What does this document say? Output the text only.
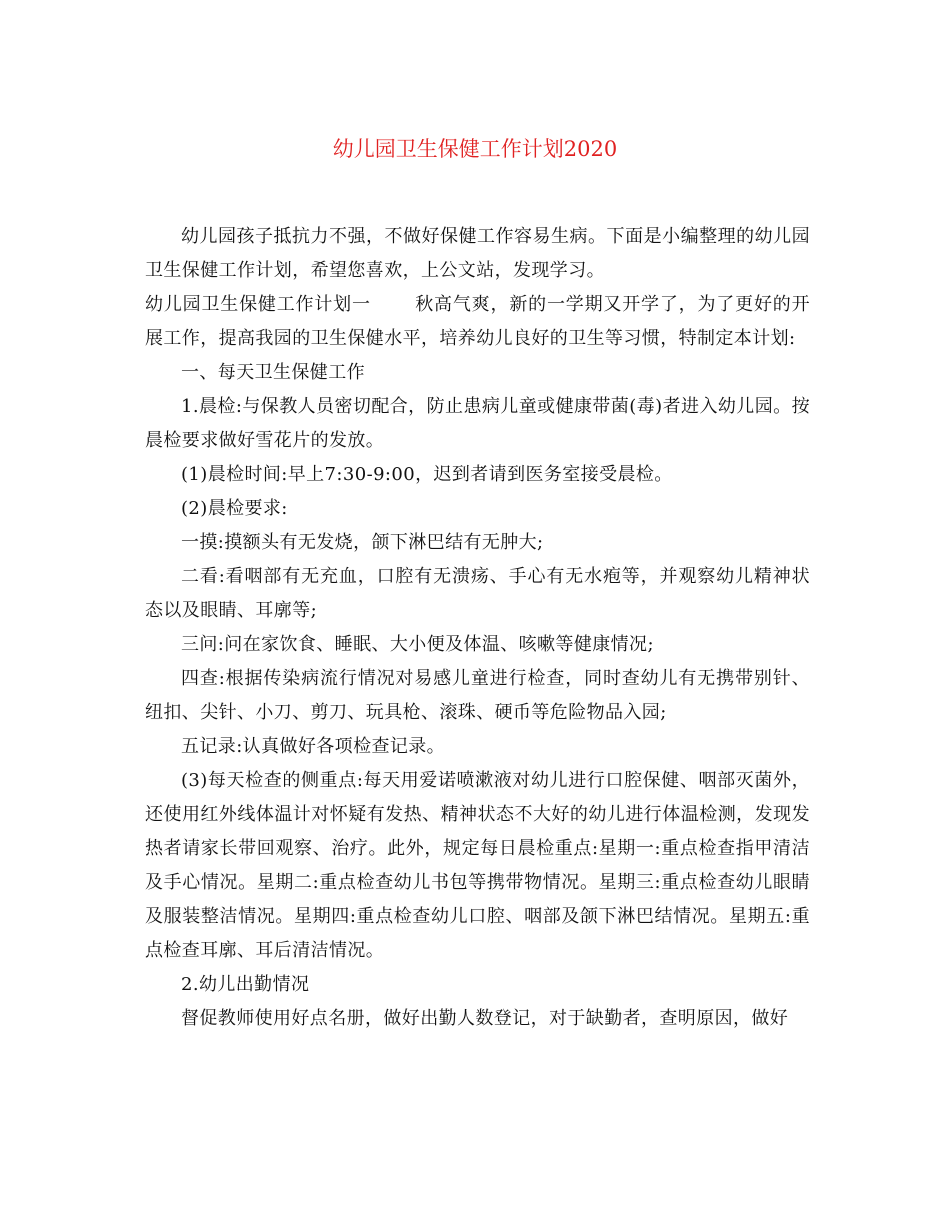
幼儿园卫生保健工作计划2020

幼儿园孩子抵抗力不强，不做好保健工作容易生病。下面是小编整理的幼儿园卫生保健工作计划，希望您喜欢，上公文站，发现学习。

幼儿园卫生保健工作计划一 秋高气爽，新的一学期又开学了，为了更好的开展工作，提高我园的卫生保健水平，培养幼儿良好的卫生等习惯，特制定本计划:

一、每天卫生保健工作

1.晨检:与保教人员密切配合，防止患病儿童或健康带菌(毒)者进入幼儿园。按晨检要求做好雪花片的发放。

(1)晨检时间:早上7:30-9:00，迟到者请到医务室接受晨检。

(2)晨检要求:

一摸:摸额头有无发烧，颌下淋巴结有无肿大;

二看:看咽部有无充血，口腔有无溃疡、手心有无水疱等，并观察幼儿精神状态以及眼睛、耳廓等;

三问:问在家饮食、睡眠、大小便及体温、咳嗽等健康情况;

四查:根据传染病流行情况对易感儿童进行检查，同时查幼儿有无携带别针、纽扣、尖针、小刀、剪刀、玩具枪、滚珠、硬币等危险物品入园;

五记录:认真做好各项检查记录。

(3)每天检查的侧重点:每天用爱诺喷漱液对幼儿进行口腔保健、咽部灭菌外，还使用红外线体温计对怀疑有发热、精神状态不大好的幼儿进行体温检测，发现发热者请家长带回观察、治疗。此外，规定每日晨检重点:星期一:重点检查指甲清洁及手心情况。星期二:重点检查幼儿书包等携带物情况。星期三:重点检查幼儿眼睛及服装整洁情况。星期四:重点检查幼儿口腔、咽部及颌下淋巴结情况。星期五:重点检查耳廓、耳后清洁情况。

2.幼儿出勤情况

督促教师使用好点名册，做好出勤人数登记，对于缺勤者，查明原因，做好
